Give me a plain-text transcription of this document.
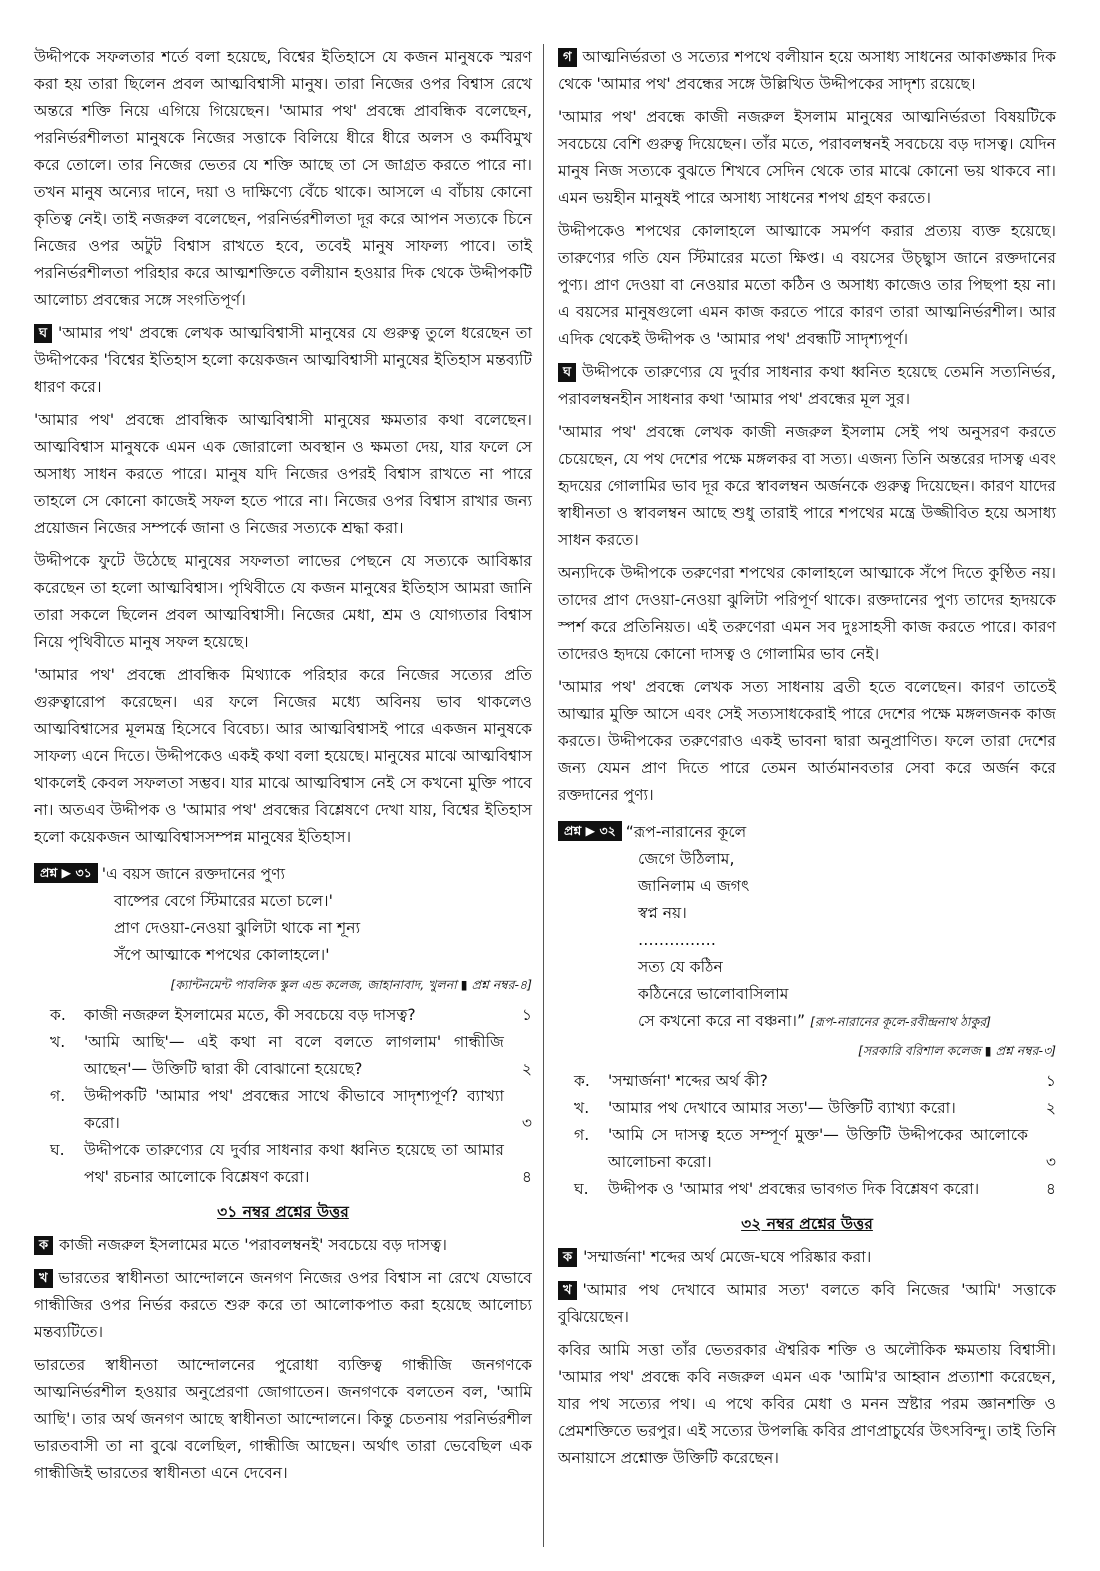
উদ্দীপকে সফলতার শর্তে বলা হয়েছে, বিশ্বের ইতিহাসে যে কজন মানুষকে স্মরণ করা হয় তারা ছিলেন প্রবল আত্মবিশ্বাসী মানুষ। তারা নিজের ওপর বিশ্বাস রেখে অন্তরে শক্তি নিয়ে এগিয়ে গিয়েছেন। 'আমার পথ' প্রবন্ধে প্রাবন্ধিক বলেছেন, পরনির্ভরশীলতা মানুষকে নিজের সত্তাকে বিলিয়ে ধীরে ধীরে অলস ও কর্মবিমুখ করে তোলে। তার নিজের ভেতর যে শক্তি আছে তা সে জাগ্রত করতে পারে না। তখন মানুষ অন্যের দানে, দয়া ও দাক্ষিণ্যে বেঁচে থাকে। আসলে এ বাঁচায় কোনো কৃতিত্ব নেই। তাই নজরুল বলেছেন, পরনির্ভরশীলতা দূর করে আপন সত্যকে চিনে নিজের ওপর অটুট বিশ্বাস রাখতে হবে, তবেই মানুষ সাফল্য পাবে। তাই পরনির্ভরশীলতা পরিহার করে আত্মশক্তিতে বলীয়ান হওয়ার দিক থেকে উদ্দীপকটি আলোচ্য প্রবন্ধের সঙ্গে সংগতিপূর্ণ।

ঘ 'আমার পথ' প্রবন্ধে লেখক আত্মবিশ্বাসী মানুষের যে গুরুত্ব তুলে ধরেছেন তা উদ্দীপকের 'বিশ্বের ইতিহাস হলো কয়েকজন আত্মবিশ্বাসী মানুষের ইতিহাস মন্তব্যটি ধারণ করে।

'আমার পথ' প্রবন্ধে প্রাবন্ধিক আত্মবিশ্বাসী মানুষের ক্ষমতার কথা বলেছেন। আত্মবিশ্বাস মানুষকে এমন এক জোরালো অবস্থান ও ক্ষমতা দেয়, যার ফলে সে অসাধ্য সাধন করতে পারে। মানুষ যদি নিজের ওপরই বিশ্বাস রাখতে না পারে তাহলে সে কোনো কাজেই সফল হতে পারে না। নিজের ওপর বিশ্বাস রাখার জন্য প্রয়োজন নিজের সম্পর্কে জানা ও নিজের সত্যকে শ্রদ্ধা করা।

উদ্দীপকে ফুটে উঠেছে মানুষের সফলতা লাভের পেছনে যে সত্যকে আবিষ্কার করেছেন তা হলো আত্মবিশ্বাস। পৃথিবীতে যে কজন মানুষের ইতিহাস আমরা জানি তারা সকলে ছিলেন প্রবল আত্মবিশ্বাসী। নিজের মেধা, শ্রম ও যোগ্যতার বিশ্বাস নিয়ে পৃথিবীতে মানুষ সফল হয়েছে।

'আমার পথ' প্রবন্ধে প্রাবন্ধিক মিথ্যাকে পরিহার করে নিজের সত্যের প্রতি গুরুত্বারোপ করেছেন। এর ফলে নিজের মধ্যে অবিনয় ভাব থাকলেও আত্মবিশ্বাসের মূলমন্ত্র হিসেবে বিবেচ্য। আর আত্মবিশ্বাসই পারে একজন মানুষকে সাফল্য এনে দিতে। উদ্দীপকেও একই কথা বলা হয়েছে। মানুষের মাঝে আত্মবিশ্বাস থাকলেই কেবল সফলতা সম্ভব। যার মাঝে আত্মবিশ্বাস নেই সে কখনো মুক্তি পাবে না। অতএব উদ্দীপক ও 'আমার পথ' প্রবন্ধের বিশ্লেষণে দেখা যায়, বিশ্বের ইতিহাস হলো কয়েকজন আত্মবিশ্বাসসম্পন্ন মানুষের ইতিহাস।

প্রশ্ন ▶ ৩১ 'এ বয়স জানে রক্তদানের পুণ্য
বাষ্পের বেগে স্টিমারের মতো চলে।'
প্রাণ দেওয়া-নেওয়া ঝুলিটা থাকে না শূন্য
সঁপে আত্মাকে শপথের কোলাহলে।'
[ক্যান্টনমেন্ট পাবলিক স্কুল এন্ড কলেজ, জাহানাবাদ, খুলনা ▮ প্রশ্ন নম্বর-৪]
ক.	কাজী নজরুল ইসলামের মতে, কী সবচেয়ে বড় দাসত্ব?	১
খ.	'আমি আছি'— এই কথা না বলে বলতে লাগলাম' গান্ধীজি আছেন'— উক্তিটি দ্বারা কী বোঝানো হয়েছে?	২
গ.	উদ্দীপকটি 'আমার পথ' প্রবন্ধের সাথে কীভাবে সাদৃশ্যপূর্ণ? ব্যাখ্যা করো।	৩
ঘ.	উদ্দীপকে তারুণ্যের যে দুর্বার সাধনার কথা ধ্বনিত হয়েছে তা আমার পথ' রচনার আলোকে বিশ্লেষণ করো।	৪
৩১ নম্বর প্রশ্নের উত্তর

ক কাজী নজরুল ইসলামের মতে 'পরাবলম্বনই' সবচেয়ে বড় দাসত্ব।

খ ভারতের স্বাধীনতা আন্দোলনে জনগণ নিজের ওপর বিশ্বাস না রেখে যেভাবে গান্ধীজির ওপর নির্ভর করতে শুরু করে তা আলোকপাত করা হয়েছে আলোচ্য মন্তব্যটিতে।

ভারতের স্বাধীনতা আন্দোলনের পুরোধা ব্যক্তিত্ব গান্ধীজি জনগণকে আত্মনির্ভরশীল হওয়ার অনুপ্রেরণা জোগাতেন। জনগণকে বলতেন বল, 'আমি আছি'। তার অর্থ জনগণ আছে স্বাধীনতা আন্দোলনে। কিন্তু চেতনায় পরনির্ভরশীল ভারতবাসী তা না বুঝে বলেছিল, গান্ধীজি আছেন। অর্থাৎ তারা ভেবেছিল এক গান্ধীজিই ভারতের স্বাধীনতা এনে দেবেন।

গ আত্মনির্ভরতা ও সত্যের শপথে বলীয়ান হয়ে অসাধ্য সাধনের আকাঙ্ক্ষার দিক থেকে 'আমার পথ' প্রবন্ধের সঙ্গে উল্লিখিত উদ্দীপকের সাদৃশ্য রয়েছে।

'আমার পথ' প্রবন্ধে কাজী নজরুল ইসলাম মানুষের আত্মনির্ভরতা বিষয়টিকে সবচেয়ে বেশি গুরুত্ব দিয়েছেন। তাঁর মতে, পরাবলম্বনই সবচেয়ে বড় দাসত্ব। যেদিন মানুষ নিজ সত্যকে বুঝতে শিখবে সেদিন থেকে তার মাঝে কোনো ভয় থাকবে না। এমন ভয়হীন মানুষই পারে অসাধ্য সাধনের শপথ গ্রহণ করতে।

উদ্দীপকেও শপথের কোলাহলে আত্মাকে সমর্পণ করার প্রত্যয় ব্যক্ত হয়েছে। তারুণ্যের গতি যেন স্টিমারের মতো ক্ষিপ্ত। এ বয়সের উচ্ছ্বাস জানে রক্তদানের পুণ্য। প্রাণ দেওয়া বা নেওয়ার মতো কঠিন ও অসাধ্য কাজেও তার পিছপা হয় না। এ বয়সের মানুষগুলো এমন কাজ করতে পারে কারণ তারা আত্মনির্ভরশীল। আর এদিক থেকেই উদ্দীপক ও 'আমার পথ' প্রবন্ধটি সাদৃশ্যপূর্ণ।

ঘ উদ্দীপকে তারুণ্যের যে দুর্বার সাধনার কথা ধ্বনিত হয়েছে তেমনি সত্যনির্ভর, পরাবলম্বনহীন সাধনার কথা 'আমার পথ' প্রবন্ধের মূল সুর।

'আমার পথ' প্রবন্ধে লেখক কাজী নজরুল ইসলাম সেই পথ অনুসরণ করতে চেয়েছেন, যে পথ দেশের পক্ষে মঙ্গলকর বা সত্য। এজন্য তিনি অন্তরের দাসত্ব এবং হৃদয়ের গোলামির ভাব দূর করে স্বাবলম্বন অর্জনকে গুরুত্ব দিয়েছেন। কারণ যাদের স্বাধীনতা ও স্বাবলম্বন আছে শুধু তারাই পারে শপথের মন্ত্রে উজ্জীবিত হয়ে অসাধ্য সাধন করতে।

অন্যদিকে উদ্দীপকে তরুণেরা শপথের কোলাহলে আত্মাকে সঁপে দিতে কুণ্ঠিত নয়। তাদের প্রাণ দেওয়া-নেওয়া ঝুলিটা পরিপূর্ণ থাকে। রক্তদানের পুণ্য তাদের হৃদয়কে স্পর্শ করে প্রতিনিয়ত। এই তরুণেরা এমন সব দুঃসাহসী কাজ করতে পারে। কারণ তাদেরও হৃদয়ে কোনো দাসত্ব ও গোলামির ভাব নেই।

'আমার পথ' প্রবন্ধে লেখক সত্য সাধনায় ব্রতী হতে বলেছেন। কারণ তাতেই আত্মার মুক্তি আসে এবং সেই সত্যসাধকেরাই পারে দেশের পক্ষে মঙ্গলজনক কাজ করতে। উদ্দীপকের তরুণেরাও একই ভাবনা দ্বারা অনুপ্রাণিত। ফলে তারা দেশের জন্য যেমন প্রাণ দিতে পারে তেমন আর্তমানবতার সেবা করে অর্জন করে রক্তদানের পুণ্য।

প্রশ্ন ▶ ৩২ “রূপ-নারানের কূলে
জেগে উঠিলাম,
জানিলাম এ জগৎ
স্বপ্ন নয়।
……………
সত্য যে কঠিন
কঠিনেরে ভালোবাসিলাম
সে কখনো করে না বঞ্চনা।” [রূপ-নারানের কূলে-রবীন্দ্রনাথ ঠাকুর]
[সরকারি বরিশাল কলেজ ▮ প্রশ্ন নম্বর-৩]
ক.	'সম্মার্জনা' শব্দের অর্থ কী?	১
খ.	'আমার পথ দেখাবে আমার সত্য'— উক্তিটি ব্যাখ্যা করো।	২
গ.	'আমি সে দাসত্ব হতে সম্পূর্ণ মুক্ত'— উক্তিটি উদ্দীপকের আলোকে আলোচনা করো।	৩
ঘ.	উদ্দীপক ও 'আমার পথ' প্রবন্ধের ভাবগত দিক বিশ্লেষণ করো।	৪
৩২ নম্বর প্রশ্নের উত্তর

ক 'সম্মার্জনা' শব্দের অর্থ মেজে-ঘষে পরিষ্কার করা।

খ 'আমার পথ দেখাবে আমার সত্য' বলতে কবি নিজের 'আমি' সত্তাকে বুঝিয়েছেন।

কবির আমি সত্তা তাঁর ভেতরকার ঐশ্বরিক শক্তি ও অলৌকিক ক্ষমতায় বিশ্বাসী। 'আমার পথ' প্রবন্ধে কবি নজরুল এমন এক 'আমি'র আহ্বান প্রত্যাশা করেছেন, যার পথ সত্যের পথ। এ পথে কবির মেধা ও মনন স্রষ্টার পরম জ্ঞানশক্তি ও প্রেমশক্তিতে ভরপুর। এই সত্যের উপলব্ধি কবির প্রাণপ্রাচুর্যের উৎসবিন্দু। তাই তিনি অনায়াসে প্রশ্নোক্ত উক্তিটি করেছেন।
